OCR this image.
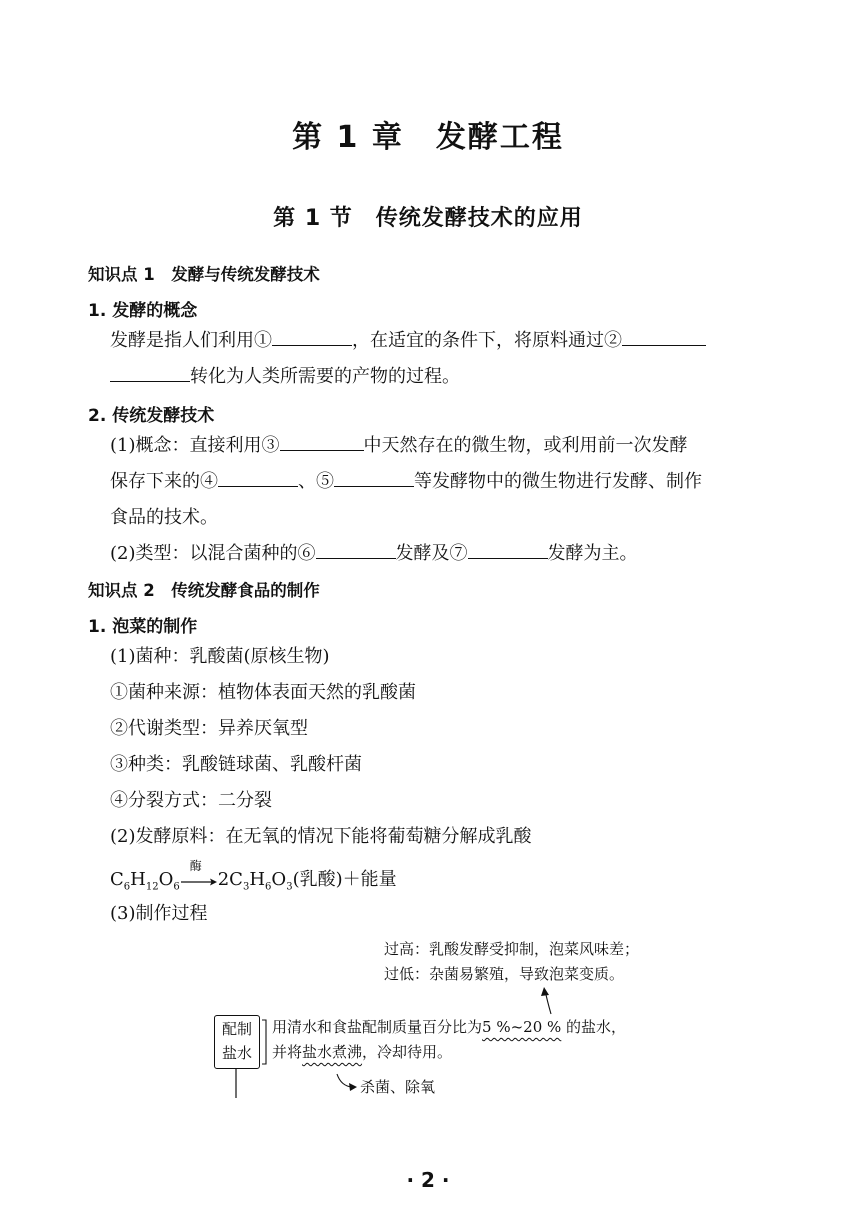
第 1 章　发酵工程
第 1 节　传统发酵技术的应用
知识点 1　发酵与传统发酵技术
1. 发酵的概念
发酵是指人们利用①	，在适宜的条件下，将原料通过②
转化为人类所需要的产物的过程。
2. 传统发酵技术
(1)概念：直接利用③	中天然存在的微生物，或利用前一次发酵
保存下来的④	、⑤	等发酵物中的微生物进行发酵、制作
食品的技术。
(2)类型：以混合菌种的⑥	发酵及⑦	发酵为主。
知识点 2　传统发酵食品的制作
1. 泡菜的制作
(1)菌种：乳酸菌(原核生物)
①菌种来源：植物体表面天然的乳酸菌
②代谢类型：异养厌氧型
③种类：乳酸链球菌、乳酸杆菌
④分裂方式：二分裂
(2)发酵原料：在无氧的情况下能将葡萄糖分解成乳酸
$C_6H_{12}O_6$
酶
$2C_3H_6O_3$(乳酸)＋能量
(3)制作过程
过高：乳酸发酵受抑制，泡菜风味差；
过低：杂菌易繁殖，导致泡菜变质。
配制
盐水
用清水和食盐配制质量百分比为5 %~20 % 的盐水，
并将盐水煮沸，冷却待用。
杀菌、除氧
· 2 ·
